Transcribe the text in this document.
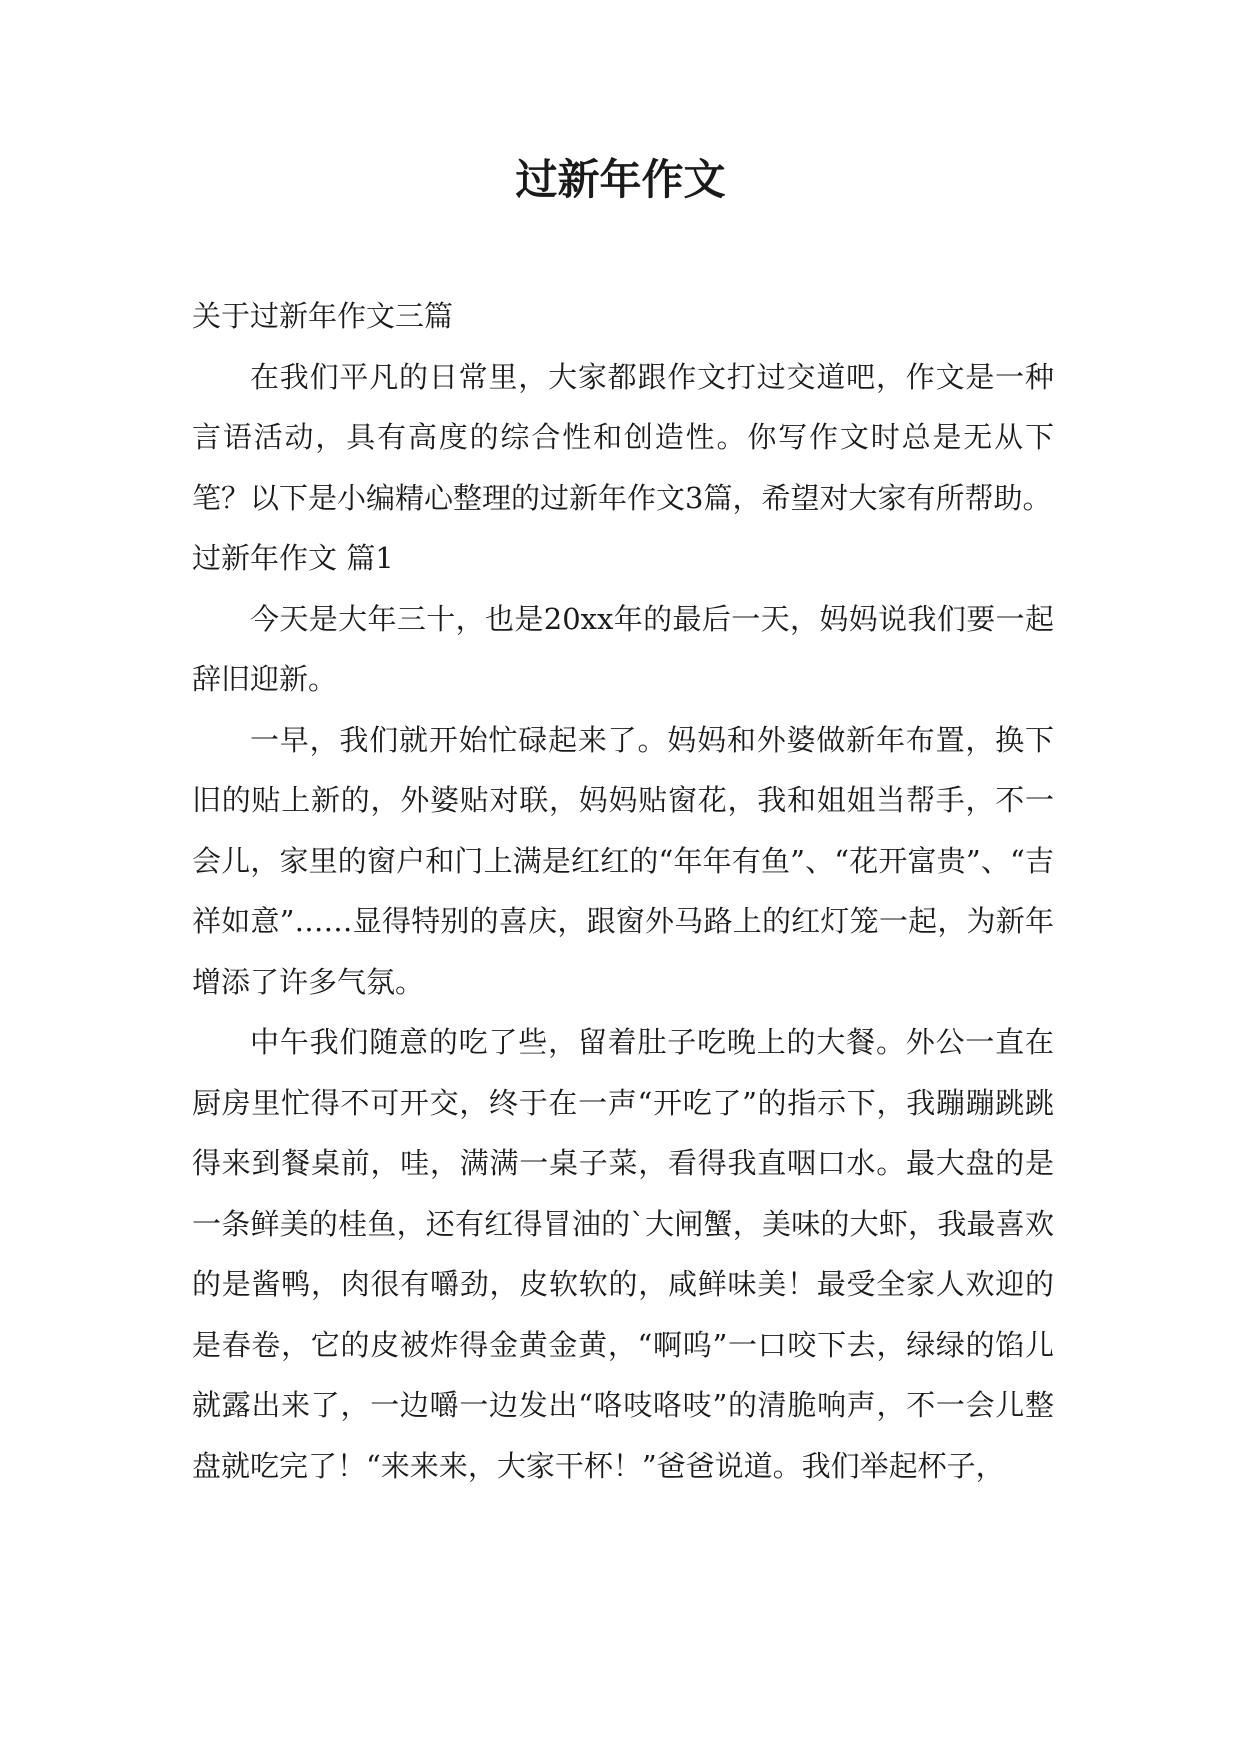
过新年作文

关于过新年作文三篇

在我们平凡的日常里，大家都跟作文打过交道吧，作文是一种言语活动，具有高度的综合性和创造性。你写作文时总是无从下笔？以下是小编精心整理的过新年作文3篇，希望对大家有所帮助。

过新年作文 篇1

今天是大年三十，也是20xx年的最后一天，妈妈说我们要一起辞旧迎新。

一早，我们就开始忙碌起来了。妈妈和外婆做新年布置，换下旧的贴上新的，外婆贴对联，妈妈贴窗花，我和姐姐当帮手，不一会儿，家里的窗户和门上满是红红的“年年有鱼”、“花开富贵”、“吉祥如意”……显得特别的喜庆，跟窗外马路上的红灯笼一起，为新年增添了许多气氛。

中午我们随意的吃了些，留着肚子吃晚上的大餐。外公一直在厨房里忙得不可开交，终于在一声“开吃了”的指示下，我蹦蹦跳跳得来到餐桌前，哇，满满一桌子菜，看得我直咽口水。最大盘的是一条鲜美的桂鱼，还有红得冒油的`大闸蟹，美味的大虾，我最喜欢的是酱鸭，肉很有嚼劲，皮软软的，咸鲜味美！最受全家人欢迎的是春卷，它的皮被炸得金黄金黄，“啊呜”一口咬下去，绿绿的馅儿就露出来了，一边嚼一边发出“咯吱咯吱”的清脆响声，不一会儿整盘就吃完了！“来来来，大家干杯！”爸爸说道。我们举起杯子，
